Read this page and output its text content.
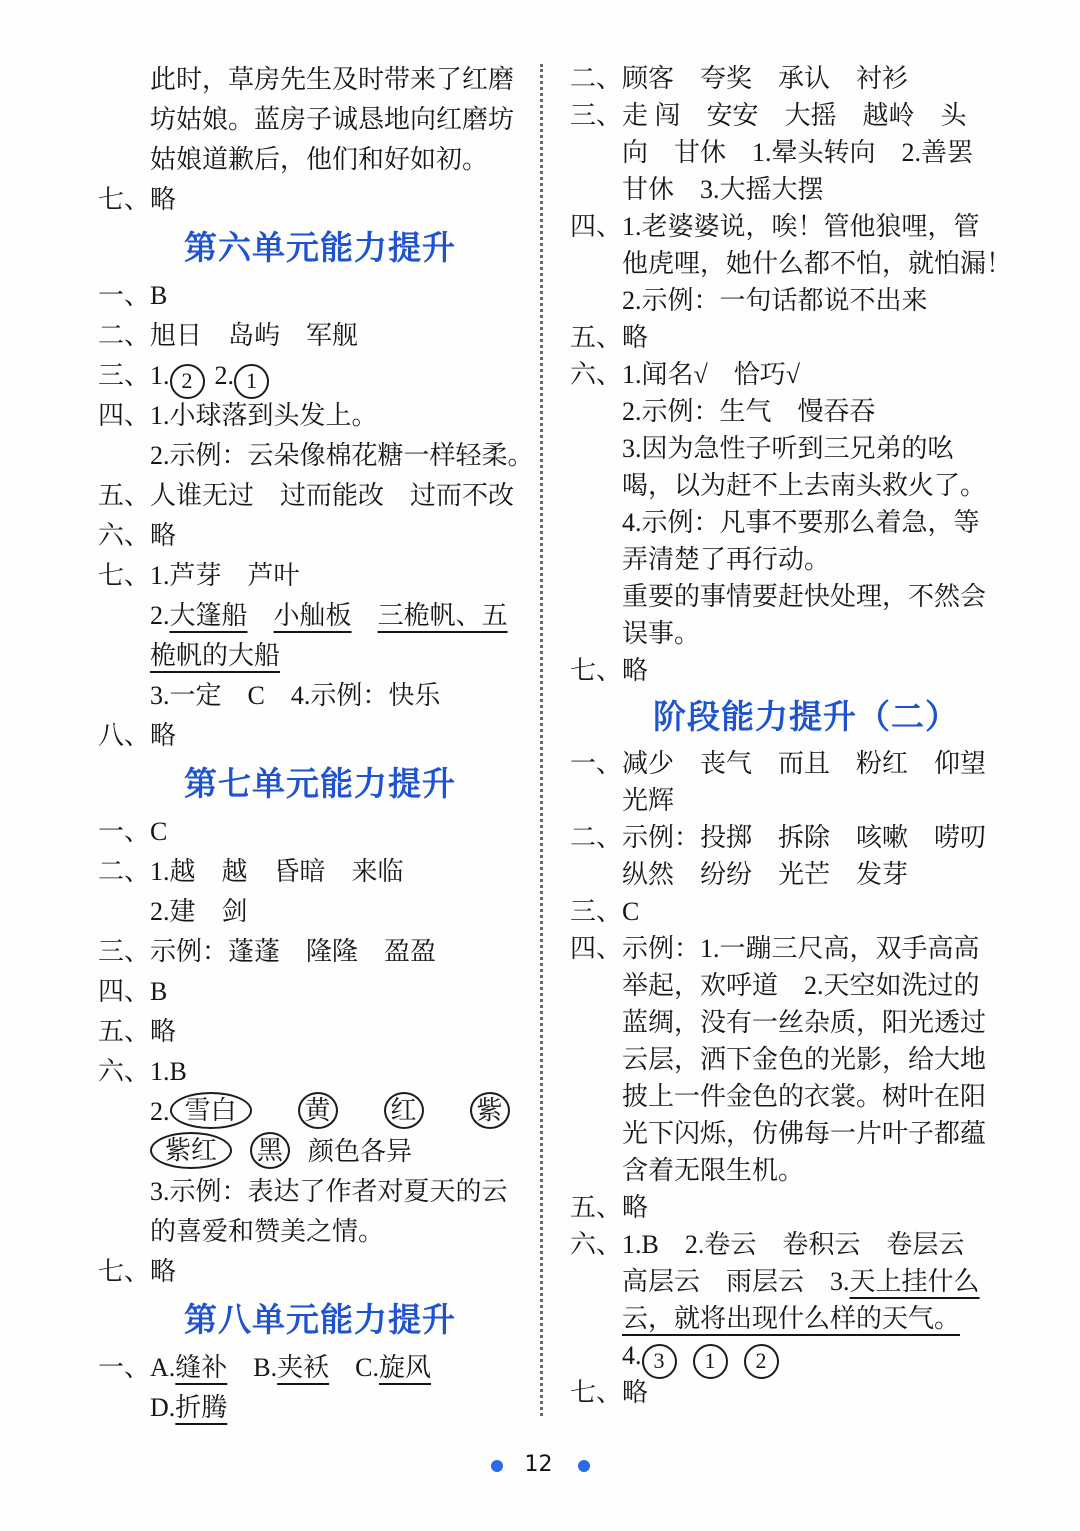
此时，草房先生及时带来了红磨
坊姑娘。蓝房子诚恳地向红磨坊
姑娘道歉后，他们和好如初。
七、 略
第六单元能力提升
一、 B
二、 旭日　岛屿　军舰
三、 1. 2 2. 1
四、 1.小球落到头发上。
2.示例：云朵像棉花糖一样轻柔。
五、 人谁无过　过而能改　过而不改
六、 略
七、 1.芦芽　芦叶
2.大篷船　 小舢板　 三桅帆、五
桅帆的大船
3.一定　C　4.示例：快乐
八、 略
第七单元能力提升
一、 C
二、 1.越　越　昏暗　来临
2.建　剑
三、 示例：蓬蓬　隆隆　盈盈
四、 B
五、 略
六、 1.B
2. 雪白	黄 红 紫
紫红 黑 颜色各异
3.示例：表达了作者对夏天的云
的喜爱和赞美之情。
七、 略
第八单元能力提升
一、 A.缝补　B.夹袄　C.旋风
D.折腾
二、 顾客　夸奖　承认　衬衫
三、 走 闯　安安　大摇　越岭　头
向　甘休　1.晕头转向　2.善罢
甘休　3.大摇大摆
四、 1.老婆婆说，唉！管他狼哩，管
他虎哩，她什么都不怕，就怕漏！
2.示例：一句话都说不出来
五、 略
六、 1.闻名√　恰巧√
2.示例：生气　慢吞吞
3.因为急性子听到三兄弟的吆
喝，以为赶不上去南头救火了。
4.示例：凡事不要那么着急，等
弄清楚了再行动。
重要的事情要赶快处理，不然会
误事。
七、 略
阶段能力提升（二）
一、 减少　丧气　而且　粉红　仰望
光辉
二、 示例：投掷　拆除　咳嗽　唠叨
纵然　纷纷　光芒　发芽
三、 C
四、 示例：1.一蹦三尺高，双手高高
举起，欢呼道　2.天空如洗过的
蓝绸，没有一丝杂质，阳光透过
云层，洒下金色的光影，给大地
披上一件金色的衣裳。树叶在阳
光下闪烁，仿佛每一片叶子都蕴
含着无限生机。
五、 略
六、 1.B　2.卷云　卷积云　卷层云
高层云　雨层云　3.天上挂什么
云，就将出现什么样的天气。
4. 3 1 2
七、 略
12
